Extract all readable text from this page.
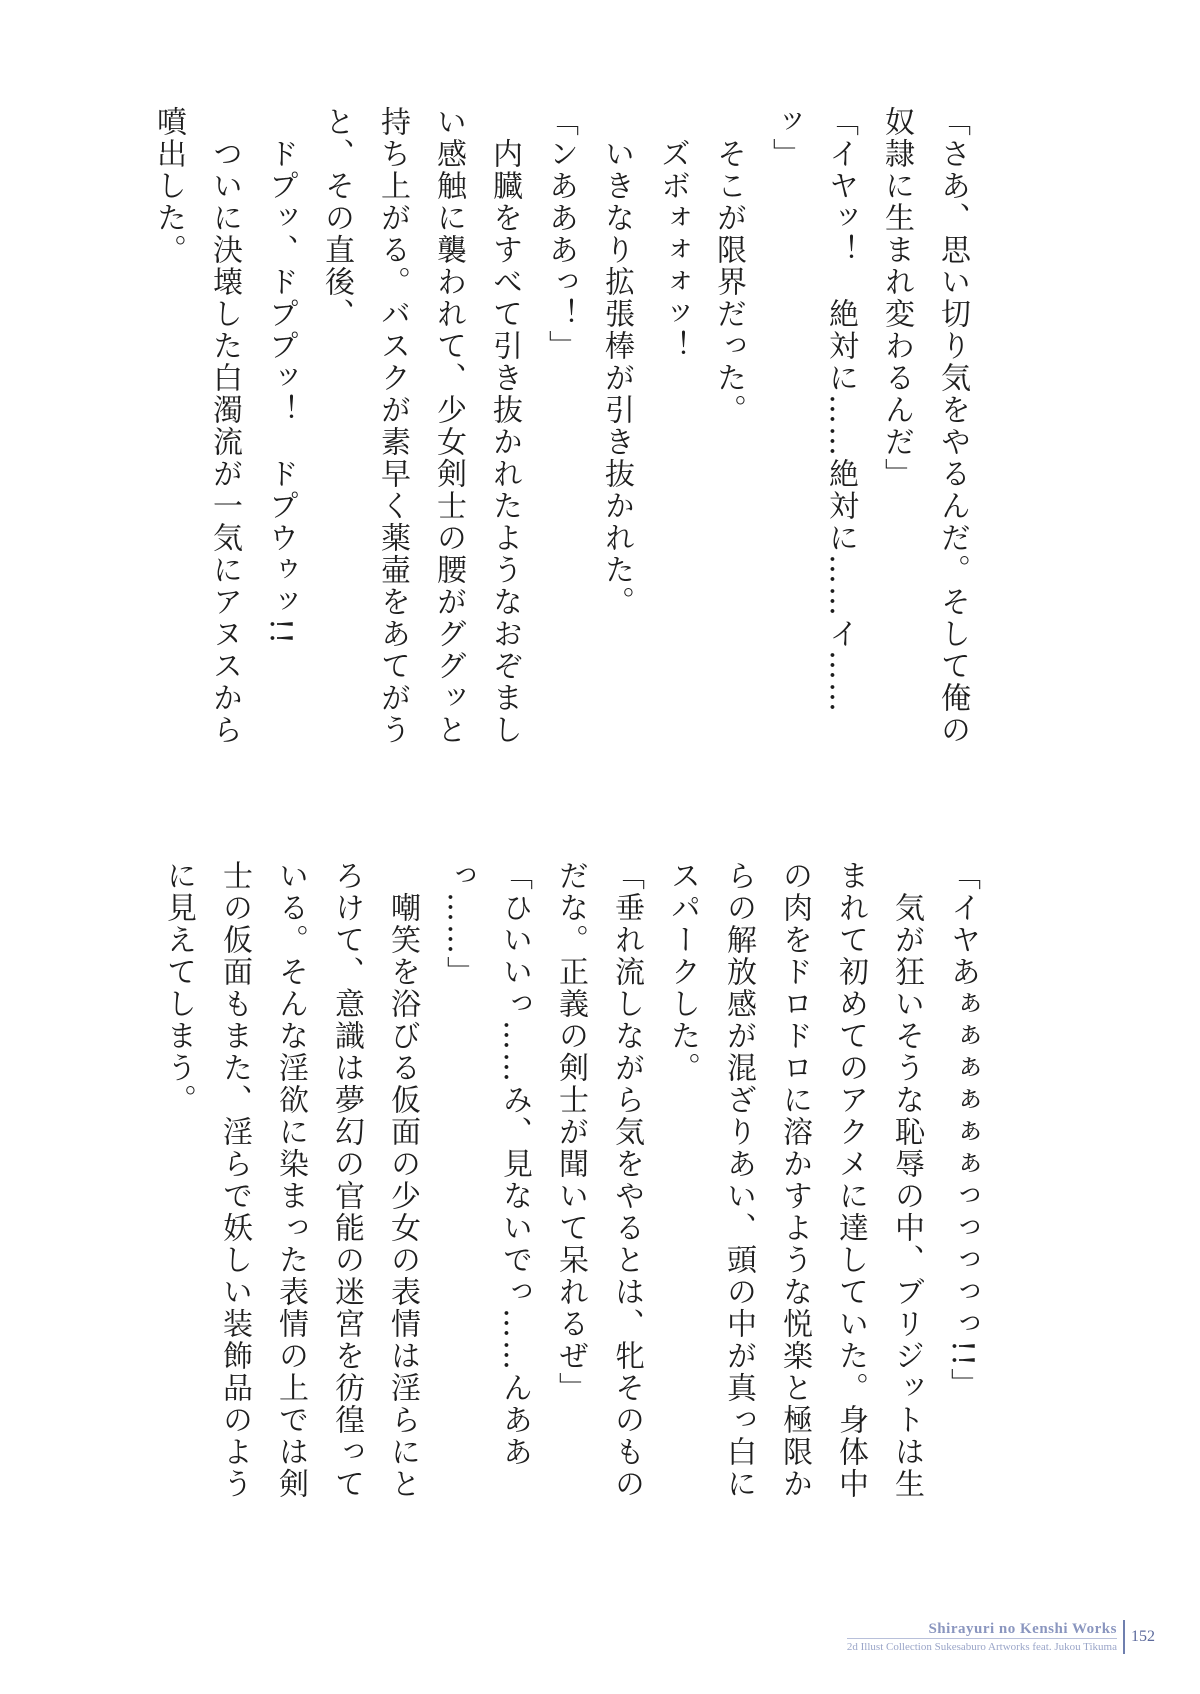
「さあ、思い切り気をやるんだ。そして俺の
奴隷に生まれ変わるんだ」
「イヤッ！　絶対に……絶対に……イ……
ッ」
　そこが限界だった。
　ズボォォォッ！
　いきなり拡張棒が引き抜かれた。
「ンあああっ！」
　内臓をすべて引き抜かれたようなおぞまし
い感触に襲われて、少女剣士の腰がググッと
持ち上がる。バスクが素早く薬壷をあてがう
と、その直後、
　ドプッ、ドププッ！　ドプウゥッ!!
　ついに決壊した白濁流が一気にアヌスから
噴出した。
「イヤあぁぁぁぁぁぁっっっっっ!!」
　気が狂いそうな恥辱の中、ブリジットは生
まれて初めてのアクメに達していた。身体中
の肉をドロドロに溶かすような悦楽と極限か
らの解放感が混ざりあい、頭の中が真っ白に
スパークした。
「垂れ流しながら気をやるとは、牝そのもの
だな。正義の剣士が聞いて呆れるぜ」
「ひいいっ……み、見ないでっ……んああ
っ……」
　嘲笑を浴びる仮面の少女の表情は淫らにと
ろけて、意識は夢幻の官能の迷宮を彷徨って
いる。そんな淫欲に染まった表情の上では剣
士の仮面もまた、淫らで妖しい装飾品のよう
に見えてしまう。
Shirayuri no Kenshi Works
2d Illust Collection Sukesaburo Artworks feat. Jukou Tikuma
152
